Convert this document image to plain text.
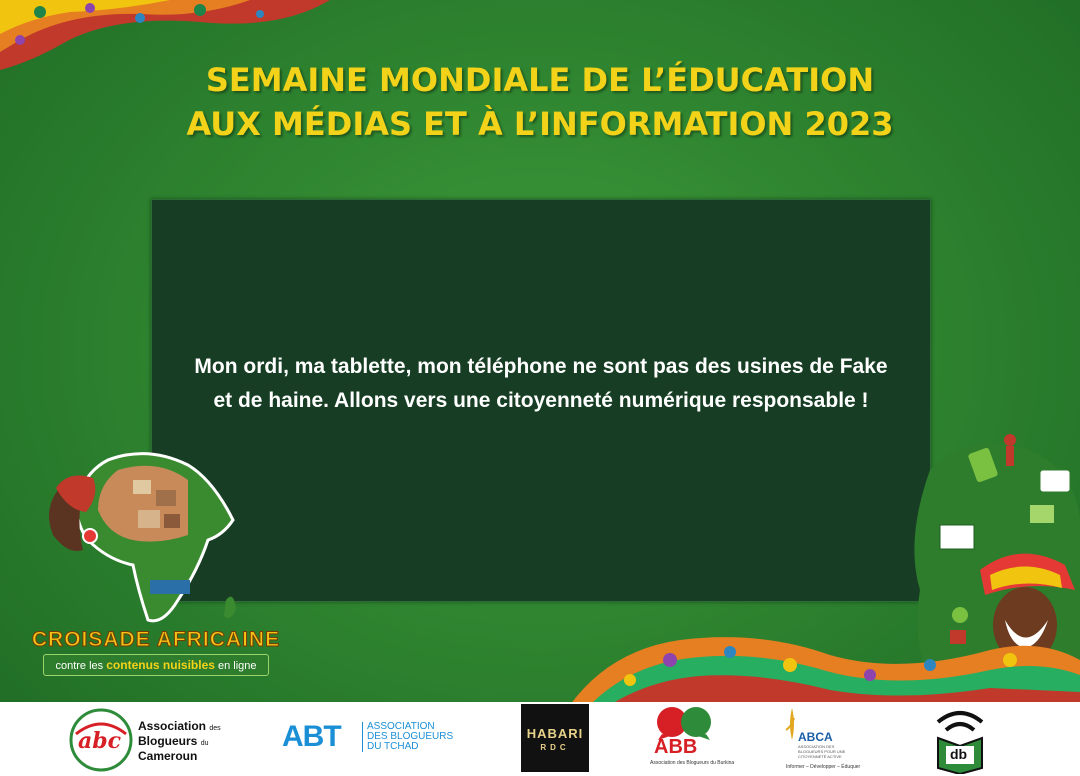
SEMAINE MONDIALE DE L’ÉDUCATION
AUX MÉDIAS ET À L’INFORMATION 2023
Mon ordi, ma tablette, mon téléphone ne sont pas des usines de Fake et de haine. Allons vers une citoyenneté numérique responsable !
CROISADE AFRICAINE
contre les contenus nuisibles en ligne
abc
Association des
Blogueurs du
Cameroun
ABT	ASSOCIATION
DES BLOGUEURS
DU TCHAD
HABARI
RDC	ABB
Association des Blogueurs du Burkina
ABCA
ASSOCIATION DES BLOGUEURS POUR UNE CITOYENNETÉ ACTIVE
Informer – Développer – Éduquer
db
